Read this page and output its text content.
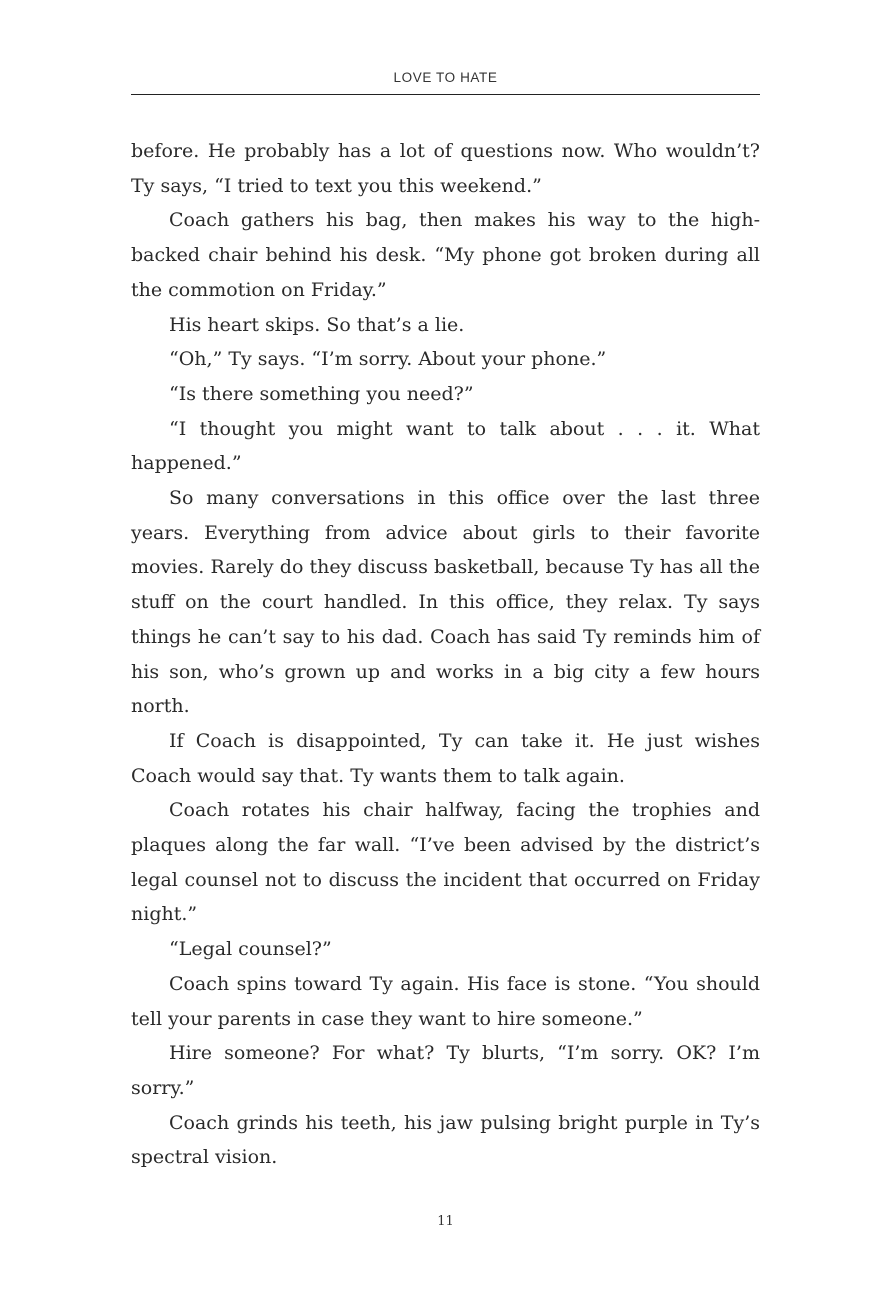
LOVE TO HATE

before. He probably has a lot of questions now. Who wouldn’t? Ty says, “I tried to text you this weekend.”

Coach gathers his bag, then makes his way to the high-backed chair behind his desk. “My phone got broken during all the commotion on Friday.”

His heart skips. So that’s a lie.

“Oh,” Ty says. “I’m sorry. About your phone.”

“Is there something you need?”

“I thought you might want to talk about . . . it. What happened.”

So many conversations in this office over the last three years. Everything from advice about girls to their favorite movies. Rarely do they discuss basketball, because Ty has all the stuff on the court handled. In this office, they relax. Ty says things he can’t say to his dad. Coach has said Ty reminds him of his son, who’s grown up and works in a big city a few hours north.

If Coach is disappointed, Ty can take it. He just wishes Coach would say that. Ty wants them to talk again.

Coach rotates his chair halfway, facing the trophies and plaques along the far wall. “I’ve been advised by the district’s legal counsel not to discuss the incident that occurred on Friday night.”

“Legal counsel?”

Coach spins toward Ty again. His face is stone. “You should tell your parents in case they want to hire someone.”

Hire someone? For what? Ty blurts, “I’m sorry. OK? I’m sorry.”

Coach grinds his teeth, his jaw pulsing bright purple in Ty’s spectral vision.

11
